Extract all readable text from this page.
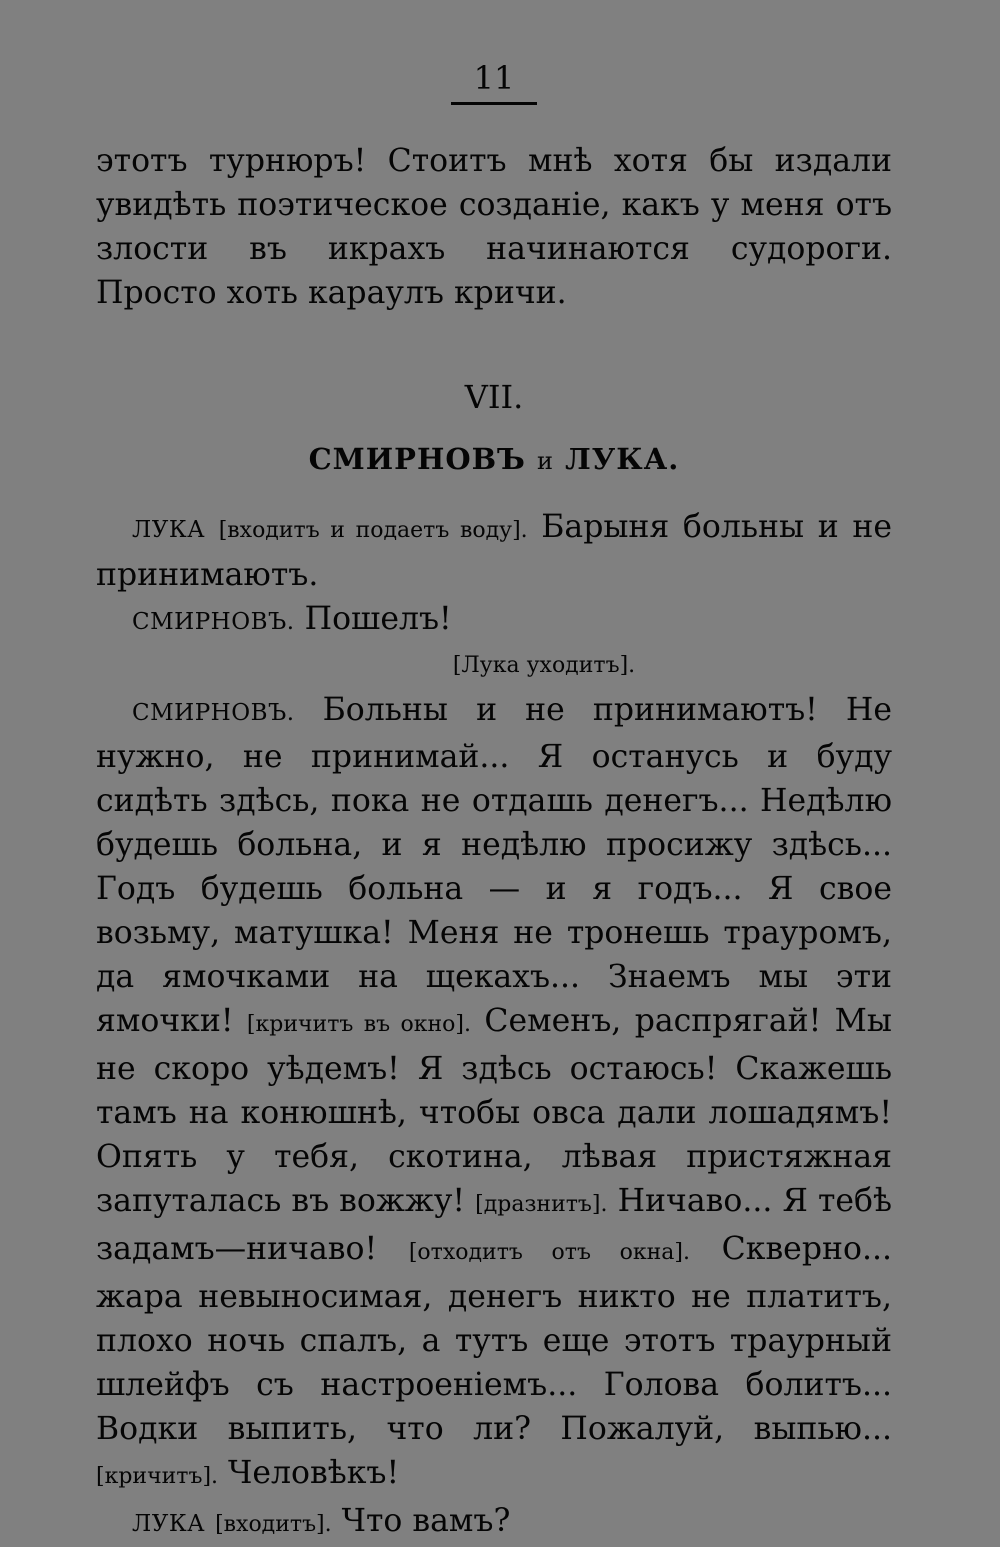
11

этотъ турнюръ! Стоитъ мнѣ хотя бы издали увидѣть поэтическое созданіе, какъ у меня отъ злости въ икрахъ начинаются судороги. Просто хоть караулъ кричи.

VII.
СМИРНОВЪ и ЛУКА.

ЛУКА [входитъ и подаетъ воду]. Барыня больны и не принимаютъ.

СМИРНОВЪ. Пошелъ!

[Лука уходитъ].

СМИРНОВЪ. Больны и не принимаютъ! Не нужно, не принимай... Я останусь и буду сидѣть здѣсь, пока не отдашь денегъ... Недѣлю будешь больна, и я недѣлю просижу здѣсь... Годъ будешь больна — и я годъ... Я свое возьму, матушка! Меня не тронешь трауромъ, да ямочками на щекахъ... Знаемъ мы эти ямочки! [кричитъ въ окно]. Семенъ, распрягай! Мы не скоро уѣдемъ! Я здѣсь остаюсь! Скажешь тамъ на конюшнѣ, чтобы овса дали лошадямъ! Опять у тебя, скотина, лѣвая пристяжная запуталась въ вожжу! [дразнитъ]. Ничаво... Я тебѣ задамъ—ничаво! [отходитъ отъ окна]. Скверно... жара невыносимая, денегъ никто не платитъ, плохо ночь спалъ, а тутъ еще этотъ траурный шлейфъ съ настроеніемъ... Голова болитъ... Водки выпить, что ли? Пожалуй, выпью... [кричитъ]. Человѣкъ!

ЛУКА [входитъ]. Что вамъ?
